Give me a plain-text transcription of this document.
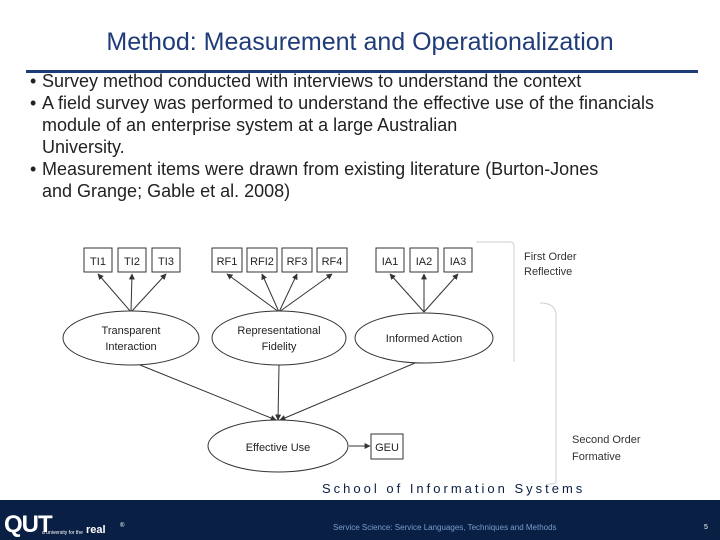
Method: Measurement and Operationalization
• Survey method conducted with interviews to understand the context
• A field survey was performed to understand the effective use of the financials module of an enterprise system at a large Australian
University.
• Measurement items were drawn from existing literature (Burton-Jones
and Grange; Gable et al. 2008)
TI1 TI2 TI3	RF1 RFI2 RF3 RF4	IA1 IA2 IA3
Transparent
Interaction
Representational
Fidelity
Informed Action
Effective Use	GEU
First Order
Reflective
Second Order
Formative
School of Information Systems
Service Science: Service Languages, Techniques and Methods
QUT
a university for the real ®	5
